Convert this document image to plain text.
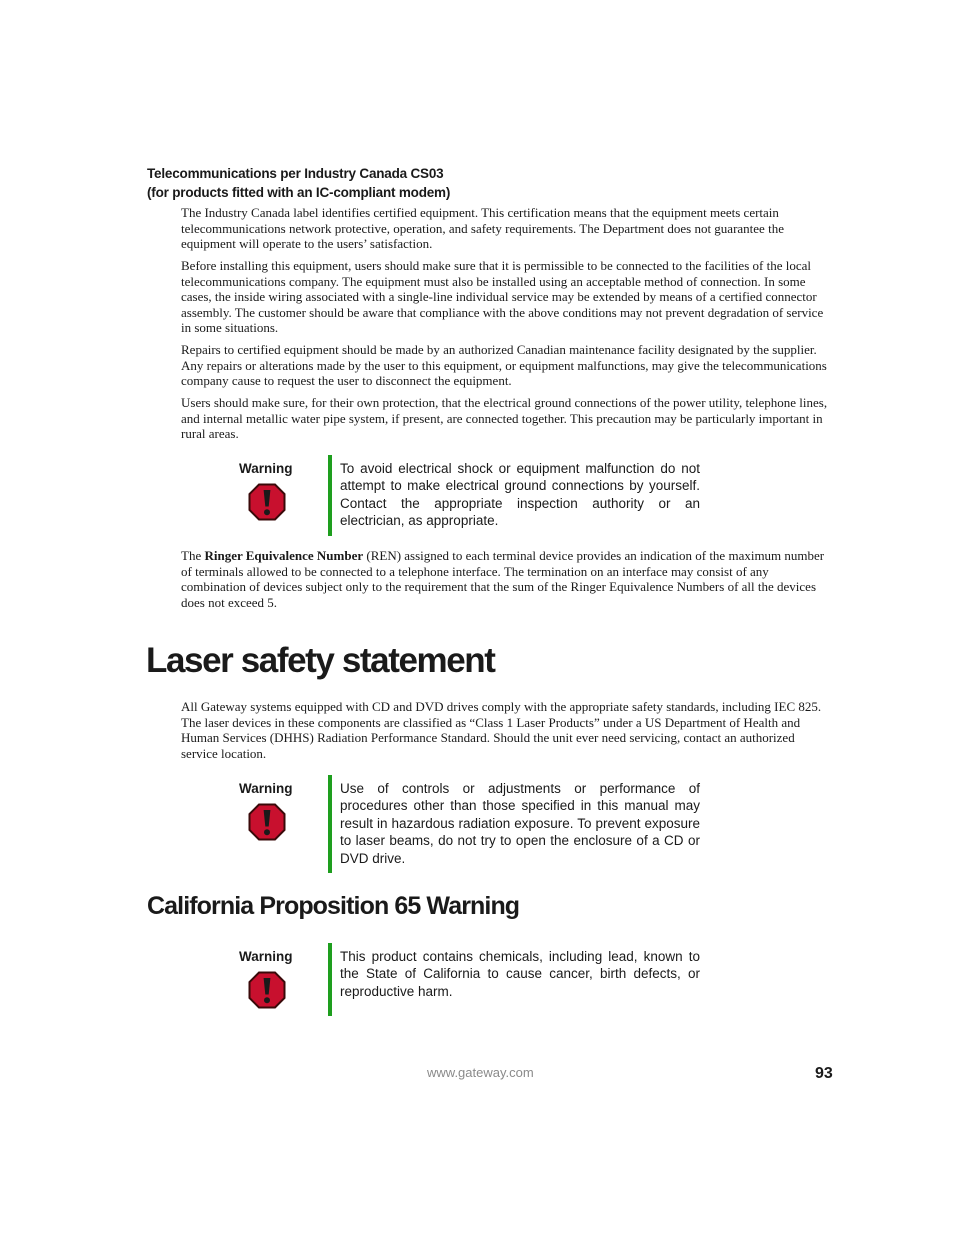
Telecommunications per Industry Canada CS03
(for products fitted with an IC-compliant modem)

The Industry Canada label identifies certified equipment. This certification means that the equipment meets certain telecommunications network protective, operation, and safety requirements. The Department does not guarantee the equipment will operate to the users’ satisfaction.

Before installing this equipment, users should make sure that it is permissible to be connected to the facilities of the local telecommunications company. The equipment must also be installed using an acceptable method of connection. In some cases, the inside wiring associated with a single-line individual service may be extended by means of a certified connector assembly. The customer should be aware that compliance with the above conditions may not prevent degradation of service in some situations.

Repairs to certified equipment should be made by an authorized Canadian maintenance facility designated by the supplier. Any repairs or alterations made by the user to this equipment, or equipment malfunctions, may give the telecommunications company cause to request the user to disconnect the equipment.

Users should make sure, for their own protection, that the electrical ground connections of the power utility, telephone lines, and internal metallic water pipe system, if present, are connected together. This precaution may be particularly important in rural areas.

Warning	To avoid electrical shock or equipment malfunction do not attempt to make electrical ground connections by yourself. Contact the appropriate inspection authority or an electrician, as appropriate.

The Ringer Equivalence Number (REN) assigned to each terminal device provides an indication of the maximum number of terminals allowed to be connected to a telephone interface. The termination on an interface may consist of any combination of devices subject only to the requirement that the sum of the Ringer Equivalence Numbers of all the devices does not exceed 5.

Laser safety statement

All Gateway systems equipped with CD and DVD drives comply with the appropriate safety standards, including IEC 825. The laser devices in these components are classified as “Class 1 Laser Products” under a US Department of Health and Human Services (DHHS) Radiation Performance Standard. Should the unit ever need servicing, contact an authorized service location.

Warning	Use of controls or adjustments or performance of procedures other than those specified in this manual may result in hazardous radiation exposure. To prevent exposure to laser beams, do not try to open the enclosure of a CD or DVD drive.
California Proposition 65 Warning
Warning	This product contains chemicals, including lead, known to the State of California to cause cancer, birth defects, or reproductive harm.
www.gateway.com	93
